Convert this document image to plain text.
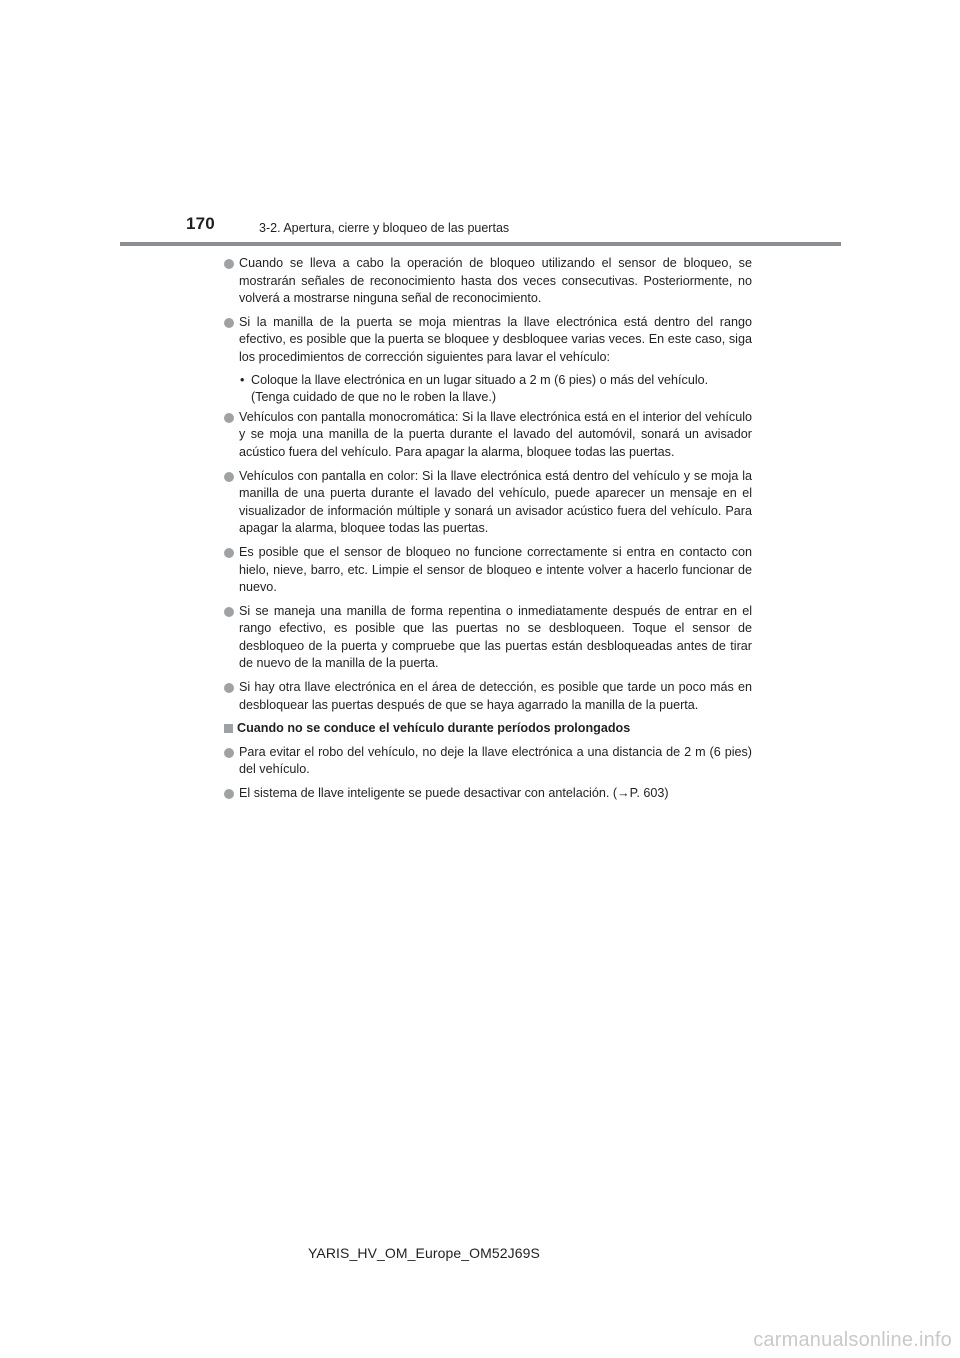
170	3-2. Apertura, cierre y bloqueo de las puertas
Cuando se lleva a cabo la operación de bloqueo utilizando el sensor de bloqueo, se mostrarán señales de reconocimiento hasta dos veces consecutivas. Posteriormente, no volverá a mostrarse ninguna señal de reconocimiento.
Si la manilla de la puerta se moja mientras la llave electrónica está dentro del rango efectivo, es posible que la puerta se bloquee y desbloquee varias veces. En este caso, siga los procedimientos de corrección siguientes para lavar el vehículo:
• Coloque la llave electrónica en un lugar situado a 2 m (6 pies) o más del vehículo.
(Tenga cuidado de que no le roben la llave.)
Vehículos con pantalla monocromática: Si la llave electrónica está en el interior del vehículo y se moja una manilla de la puerta durante el lavado del automóvil, sonará un avisador acústico fuera del vehículo. Para apagar la alarma, bloquee todas las puertas.
Vehículos con pantalla en color: Si la llave electrónica está dentro del vehículo y se moja la manilla de una puerta durante el lavado del vehículo, puede aparecer un mensaje en el visualizador de información múltiple y sonará un avisador acústico fuera del vehículo. Para apagar la alarma, bloquee todas las puertas.
Es posible que el sensor de bloqueo no funcione correctamente si entra en contacto con hielo, nieve, barro, etc. Limpie el sensor de bloqueo e intente volver a hacerlo funcionar de nuevo.
Si se maneja una manilla de forma repentina o inmediatamente después de entrar en el rango efectivo, es posible que las puertas no se desbloqueen. Toque el sensor de desbloqueo de la puerta y compruebe que las puertas están desbloqueadas antes de tirar de nuevo de la manilla de la puerta.
Si hay otra llave electrónica en el área de detección, es posible que tarde un poco más en desbloquear las puertas después de que se haya agarrado la manilla de la puerta.
Cuando no se conduce el vehículo durante períodos prolongados
Para evitar el robo del vehículo, no deje la llave electrónica a una distancia de 2 m (6 pies) del vehículo.
El sistema de llave inteligente se puede desactivar con antelación. (→P. 603)
YARIS_HV_OM_Europe_OM52J69S
carmanualsonline.info
